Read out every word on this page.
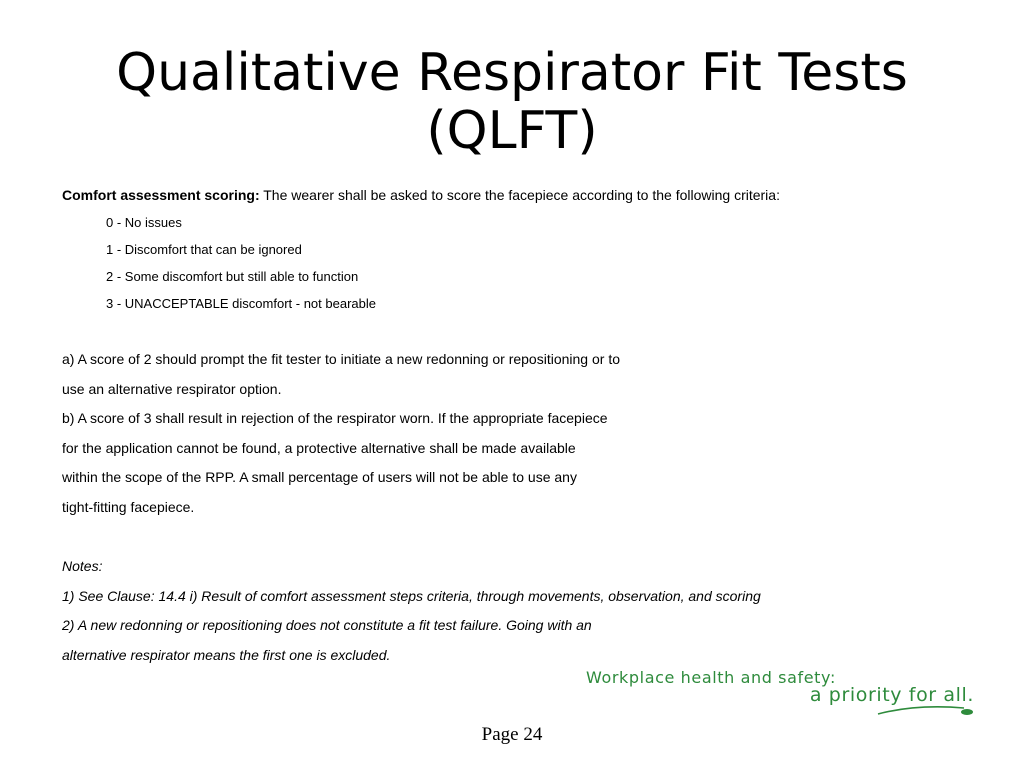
Qualitative Respirator Fit Tests
(QLFT)
Comfort assessment scoring: The wearer shall be asked to score the facepiece according to the following criteria:
0 - No issues
1 - Discomfort that can be ignored
2 - Some discomfort but still able to function
3 - UNACCEPTABLE discomfort - not bearable
a) A score of 2 should prompt the fit tester to initiate a new redonning or repositioning or to
use an alternative respirator option.
b) A score of 3 shall result in rejection of the respirator worn. If the appropriate facepiece
for the application cannot be found, a protective alternative shall be made available
within the scope of the RPP. A small percentage of users will not be able to use any
tight-fitting facepiece.
Notes:
1) See Clause: 14.4 i) Result of comfort assessment steps criteria, through movements, observation, and scoring
2) A new redonning or repositioning does not constitute a fit test failure. Going with an
alternative respirator means the first one is excluded.
Workplace health and safety:
a priority for all.
Page 24
